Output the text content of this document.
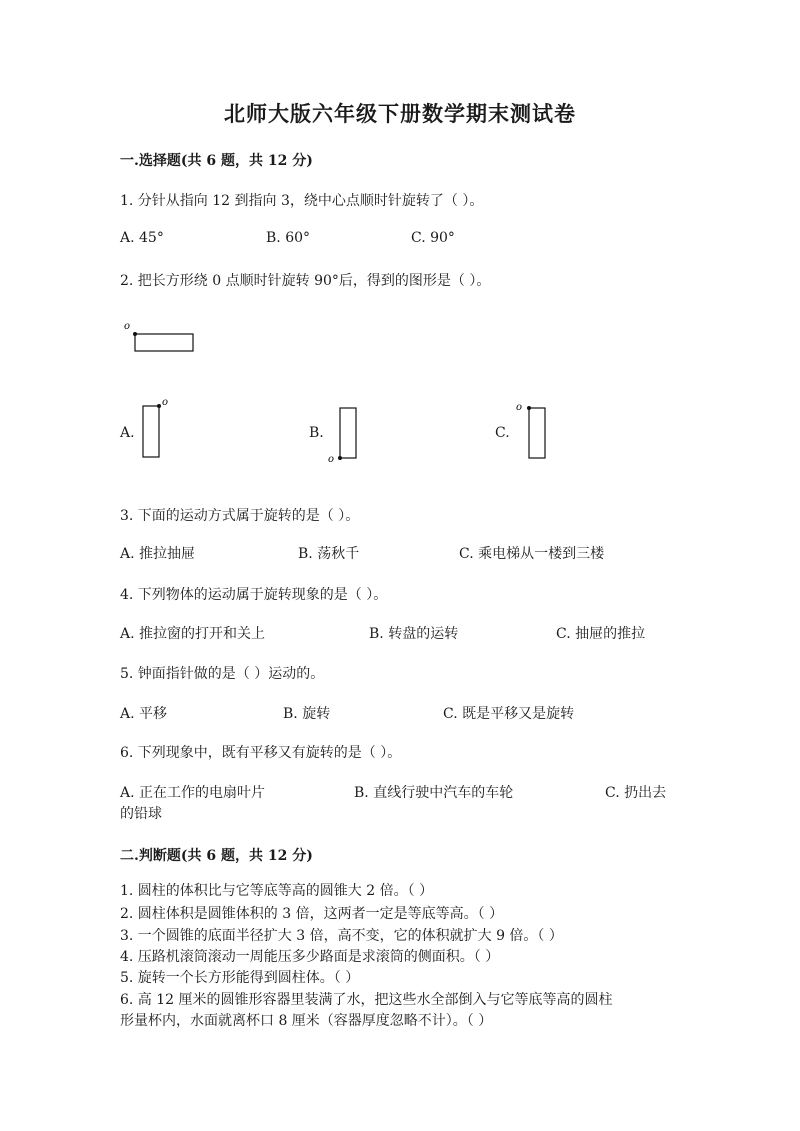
北师大版六年级下册数学期末测试卷
一.选择题(共 6 题，共 12 分)
1. 分针从指向 12 到指向 3，绕中心点顺时针旋转了（ ）。
A. 45°	B. 60°	C. 90°
2. 把长方形绕 0 点顺时针旋转 90°后，得到的图形是（ ）。
o
A.
o
B.
o
C.
o
3. 下面的运动方式属于旋转的是（ ）。
A. 推拉抽屉	B. 荡秋千	C. 乘电梯从一楼到三楼
4. 下列物体的运动属于旋转现象的是（ ）。
A. 推拉窗的打开和关上	B. 转盘的运转	C. 抽屉的推拉
5. 钟面指针做的是（ ）运动的。
A. 平移	B. 旋转	C. 既是平移又是旋转
6. 下列现象中，既有平移又有旋转的是（ ）。
A. 正在工作的电扇叶片	B. 直线行驶中汽车的车轮	C. 扔出去
的铅球
二.判断题(共 6 题，共 12 分)
1. 圆柱的体积比与它等底等高的圆锥大 2 倍。（ ）
2. 圆柱体积是圆锥体积的 3 倍，这两者一定是等底等高。（ ）
3. 一个圆锥的底面半径扩大 3 倍，高不变，它的体积就扩大 9 倍。（ ）
4. 压路机滚筒滚动一周能压多少路面是求滚筒的侧面积。（ ）
5. 旋转一个长方形能得到圆柱体。（ ）
6. 高 12 厘米的圆锥形容器里装满了水，把这些水全部倒入与它等底等高的圆柱
形量杯内，水面就离杯口 8 厘米（容器厚度忽略不计）。（ ）
